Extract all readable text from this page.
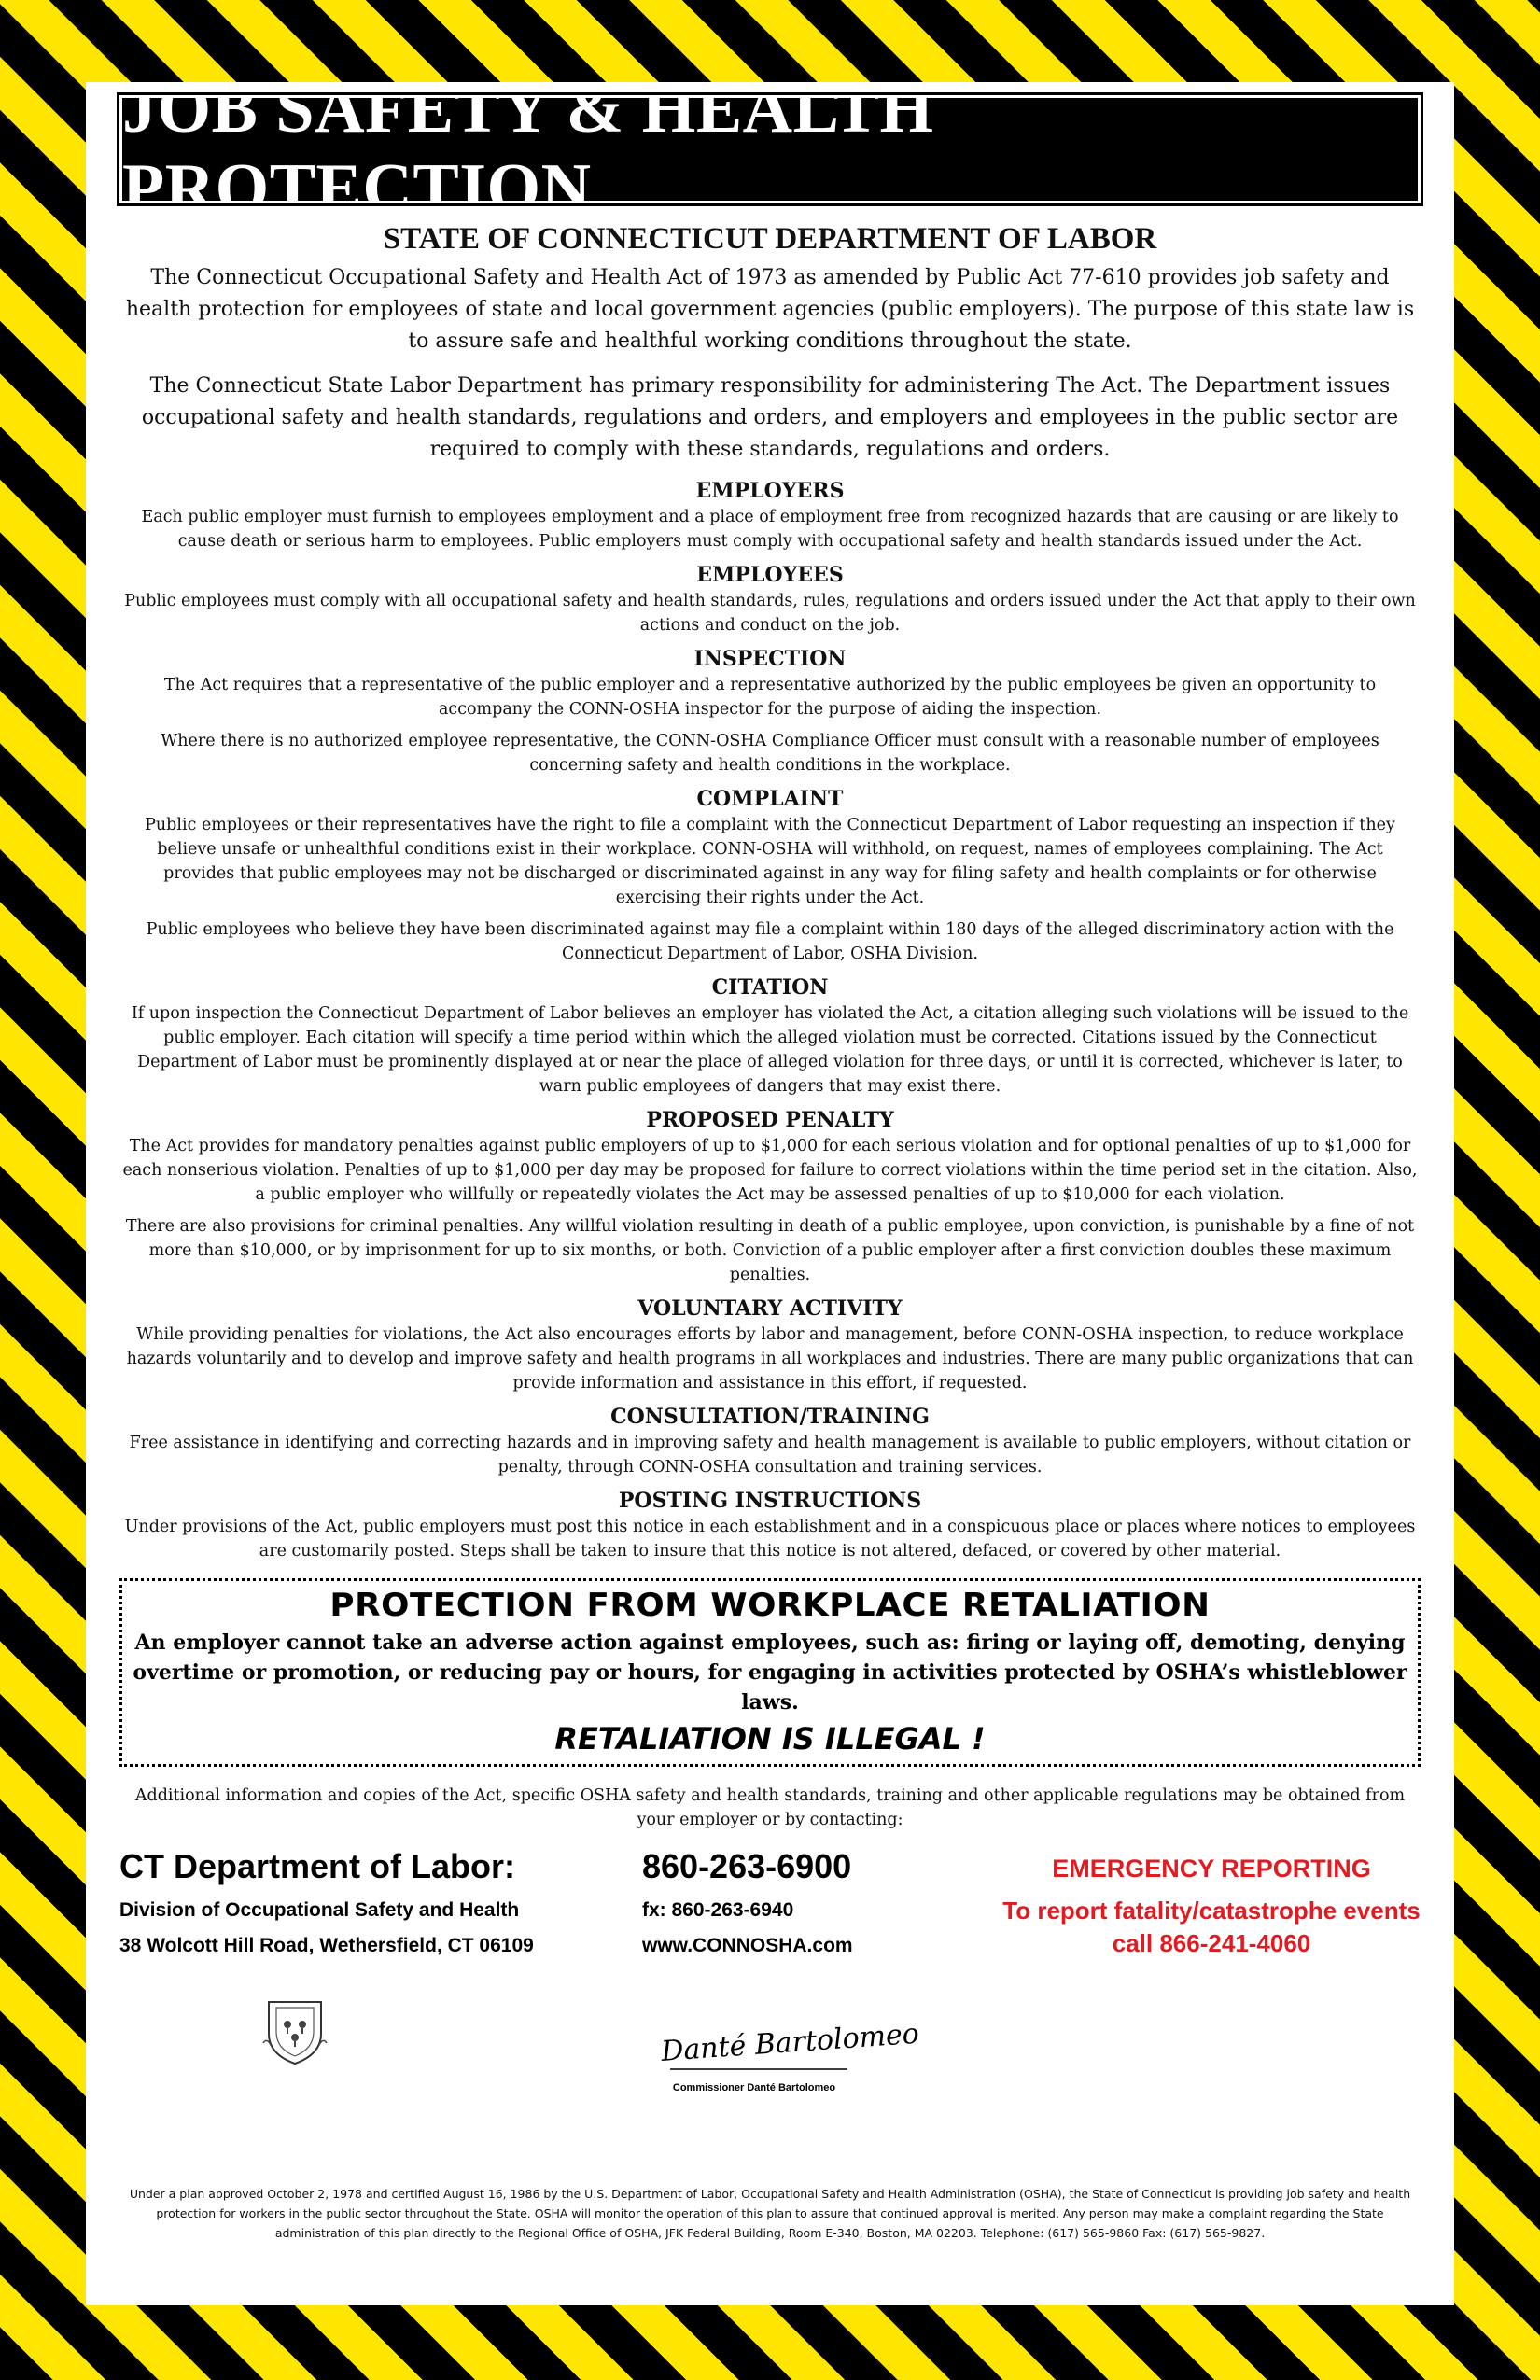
JOB SAFETY & HEALTH PROTECTION
STATE OF CONNECTICUT DEPARTMENT OF LABOR

The Connecticut Occupational Safety and Health Act of 1973 as amended by Public Act 77-610 provides job safety and health protection for employees of state and local government agencies (public employers). The purpose of this state law is to assure safe and healthful working conditions throughout the state.

The Connecticut State Labor Department has primary responsibility for administering The Act. The Department issues occupational safety and health standards, regulations and orders, and employers and employees in the public sector are required to comply with these standards, regulations and orders.

EMPLOYERS

Each public employer must furnish to employees employment and a place of employment free from recognized hazards that are causing or are likely to cause death or serious harm to employees. Public employers must comply with occupational safety and health standards issued under the Act.

EMPLOYEES

Public employees must comply with all occupational safety and health standards, rules, regulations and orders issued under the Act that apply to their own actions and conduct on the job.

INSPECTION

The Act requires that a representative of the public employer and a representative authorized by the public employees be given an opportunity to accompany the CONN-OSHA inspector for the purpose of aiding the inspection.

Where there is no authorized employee representative, the CONN-OSHA Compliance Officer must consult with a reasonable number of employees concerning safety and health conditions in the workplace.

COMPLAINT

Public employees or their representatives have the right to file a complaint with the Connecticut Department of Labor requesting an inspection if they believe unsafe or unhealthful conditions exist in their workplace. CONN-OSHA will withhold, on request, names of employees complaining. The Act provides that public employees may not be discharged or discriminated against in any way for filing safety and health complaints or for otherwise exercising their rights under the Act.

Public employees who believe they have been discriminated against may file a complaint within 180 days of the alleged discriminatory action with the Connecticut Department of Labor, OSHA Division.

CITATION

If upon inspection the Connecticut Department of Labor believes an employer has violated the Act, a citation alleging such violations will be issued to the public employer. Each citation will specify a time period within which the alleged violation must be corrected. Citations issued by the Connecticut Department of Labor must be prominently displayed at or near the place of alleged violation for three days, or until it is corrected, whichever is later, to warn public employees of dangers that may exist there.

PROPOSED PENALTY

The Act provides for mandatory penalties against public employers of up to $1,000 for each serious violation and for optional penalties of up to $1,000 for each nonserious violation. Penalties of up to $1,000 per day may be proposed for failure to correct violations within the time period set in the citation. Also, a public employer who willfully or repeatedly violates the Act may be assessed penalties of up to $10,000 for each violation.

There are also provisions for criminal penalties. Any willful violation resulting in death of a public employee, upon conviction, is punishable by a fine of not more than $10,000, or by imprisonment for up to six months, or both. Conviction of a public employer after a first conviction doubles these maximum penalties.

VOLUNTARY ACTIVITY

While providing penalties for violations, the Act also encourages efforts by labor and management, before CONN-OSHA inspection, to reduce workplace hazards voluntarily and to develop and improve safety and health programs in all workplaces and industries. There are many public organizations that can provide information and assistance in this effort, if requested.

CONSULTATION/TRAINING

Free assistance in identifying and correcting hazards and in improving safety and health management is available to public employers, without citation or penalty, through CONN-OSHA consultation and training services.

POSTING INSTRUCTIONS

Under provisions of the Act, public employers must post this notice in each establishment and in a conspicuous place or places where notices to employees are customarily posted. Steps shall be taken to insure that this notice is not altered, defaced, or covered by other material.

PROTECTION FROM WORKPLACE RETALIATION

An employer cannot take an adverse action against employees, such as: firing or laying off, demoting, denying overtime or promotion, or reducing pay or hours, for engaging in activities protected by OSHA’s whistleblower laws.

RETALIATION IS ILLEGAL !
Additional information and copies of the Act, specific OSHA safety and health standards, training and other applicable regulations may be obtained from your employer or by contacting:
CT Department of Labor:
Division of Occupational Safety and Health
38 Wolcott Hill Road, Wethersfield, CT 06109
860-263-6900
fx: 860-263-6940
www.CONNOSHA.com
EMERGENCY REPORTING
To report fatality/catastrophe events
call 866-241-4060
Danté Bartolomeo
Commissioner Danté Bartolomeo
Under a plan approved October 2, 1978 and certified August 16, 1986 by the U.S. Department of Labor, Occupational Safety and Health Administration (OSHA), the State of Connecticut is providing job safety and health protection for workers in the public sector throughout the State. OSHA will monitor the operation of this plan to assure that continued approval is merited. Any person may make a complaint regarding the State administration of this plan directly to the Regional Office of OSHA, JFK Federal Building, Room E-340, Boston, MA 02203. Telephone: (617) 565-9860 Fax: (617) 565-9827.
